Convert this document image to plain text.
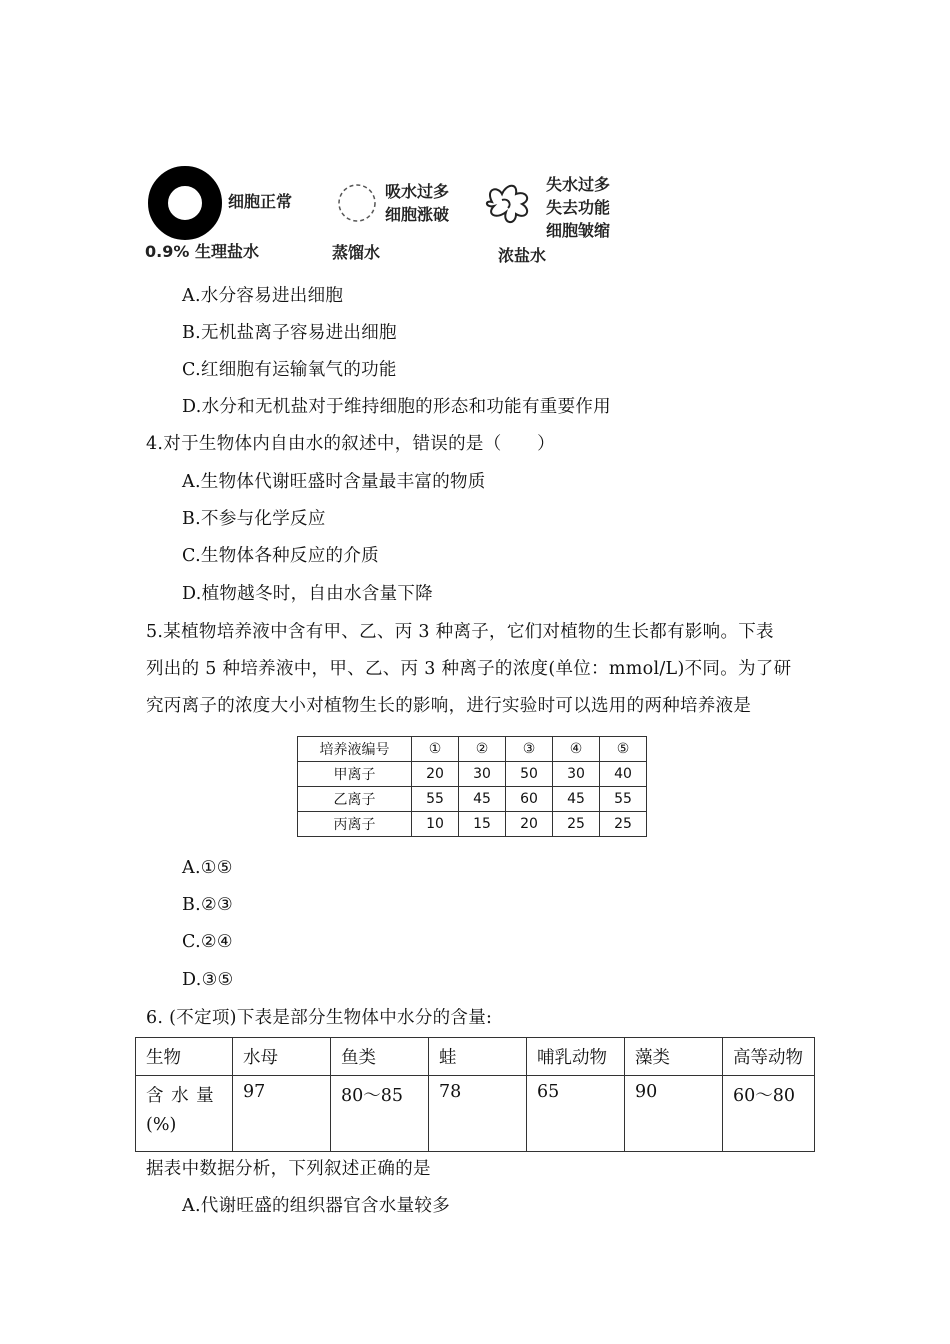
细胞正常
0.9% 生理盐水
吸水过多
细胞涨破
蒸馏水
失水过多
失去功能
细胞皱缩
浓盐水
A.水分容易进出细胞
B.无机盐离子容易进出细胞
C.红细胞有运输氧气的功能
D.水分和无机盐对于维持细胞的形态和功能有重要作用
4.对于生物体内自由水的叙述中，错误的是（　　）
A.生物体代谢旺盛时含量最丰富的物质
B.不参与化学反应
C.生物体各种反应的介质
D.植物越冬时，自由水含量下降
5.某植物培养液中含有甲、乙、丙 3 种离子，它们对植物的生长都有影响。下表
列出的 5 种培养液中，甲、乙、丙 3 种离子的浓度(单位：mmol/L)不同。为了研
究丙离子的浓度大小对植物生长的影响，进行实验时可以选用的两种培养液是
培养液编号	①	②	③	④	⑤
甲离子	20	30	50	30	40
乙离子	55	45	60	45	55
丙离子	10	15	20	25	25
A.①⑤
B.②③
C.②④
D.③⑤
6. (不定项)下表是部分生物体中水分的含量:
生物	水母	鱼类	蛙	哺乳动物	藻类	高等动物

含 水 量
(%)	97	80～85	78	65	90	60～80
据表中数据分析，下列叙述正确的是
A.代谢旺盛的组织器官含水量较多
